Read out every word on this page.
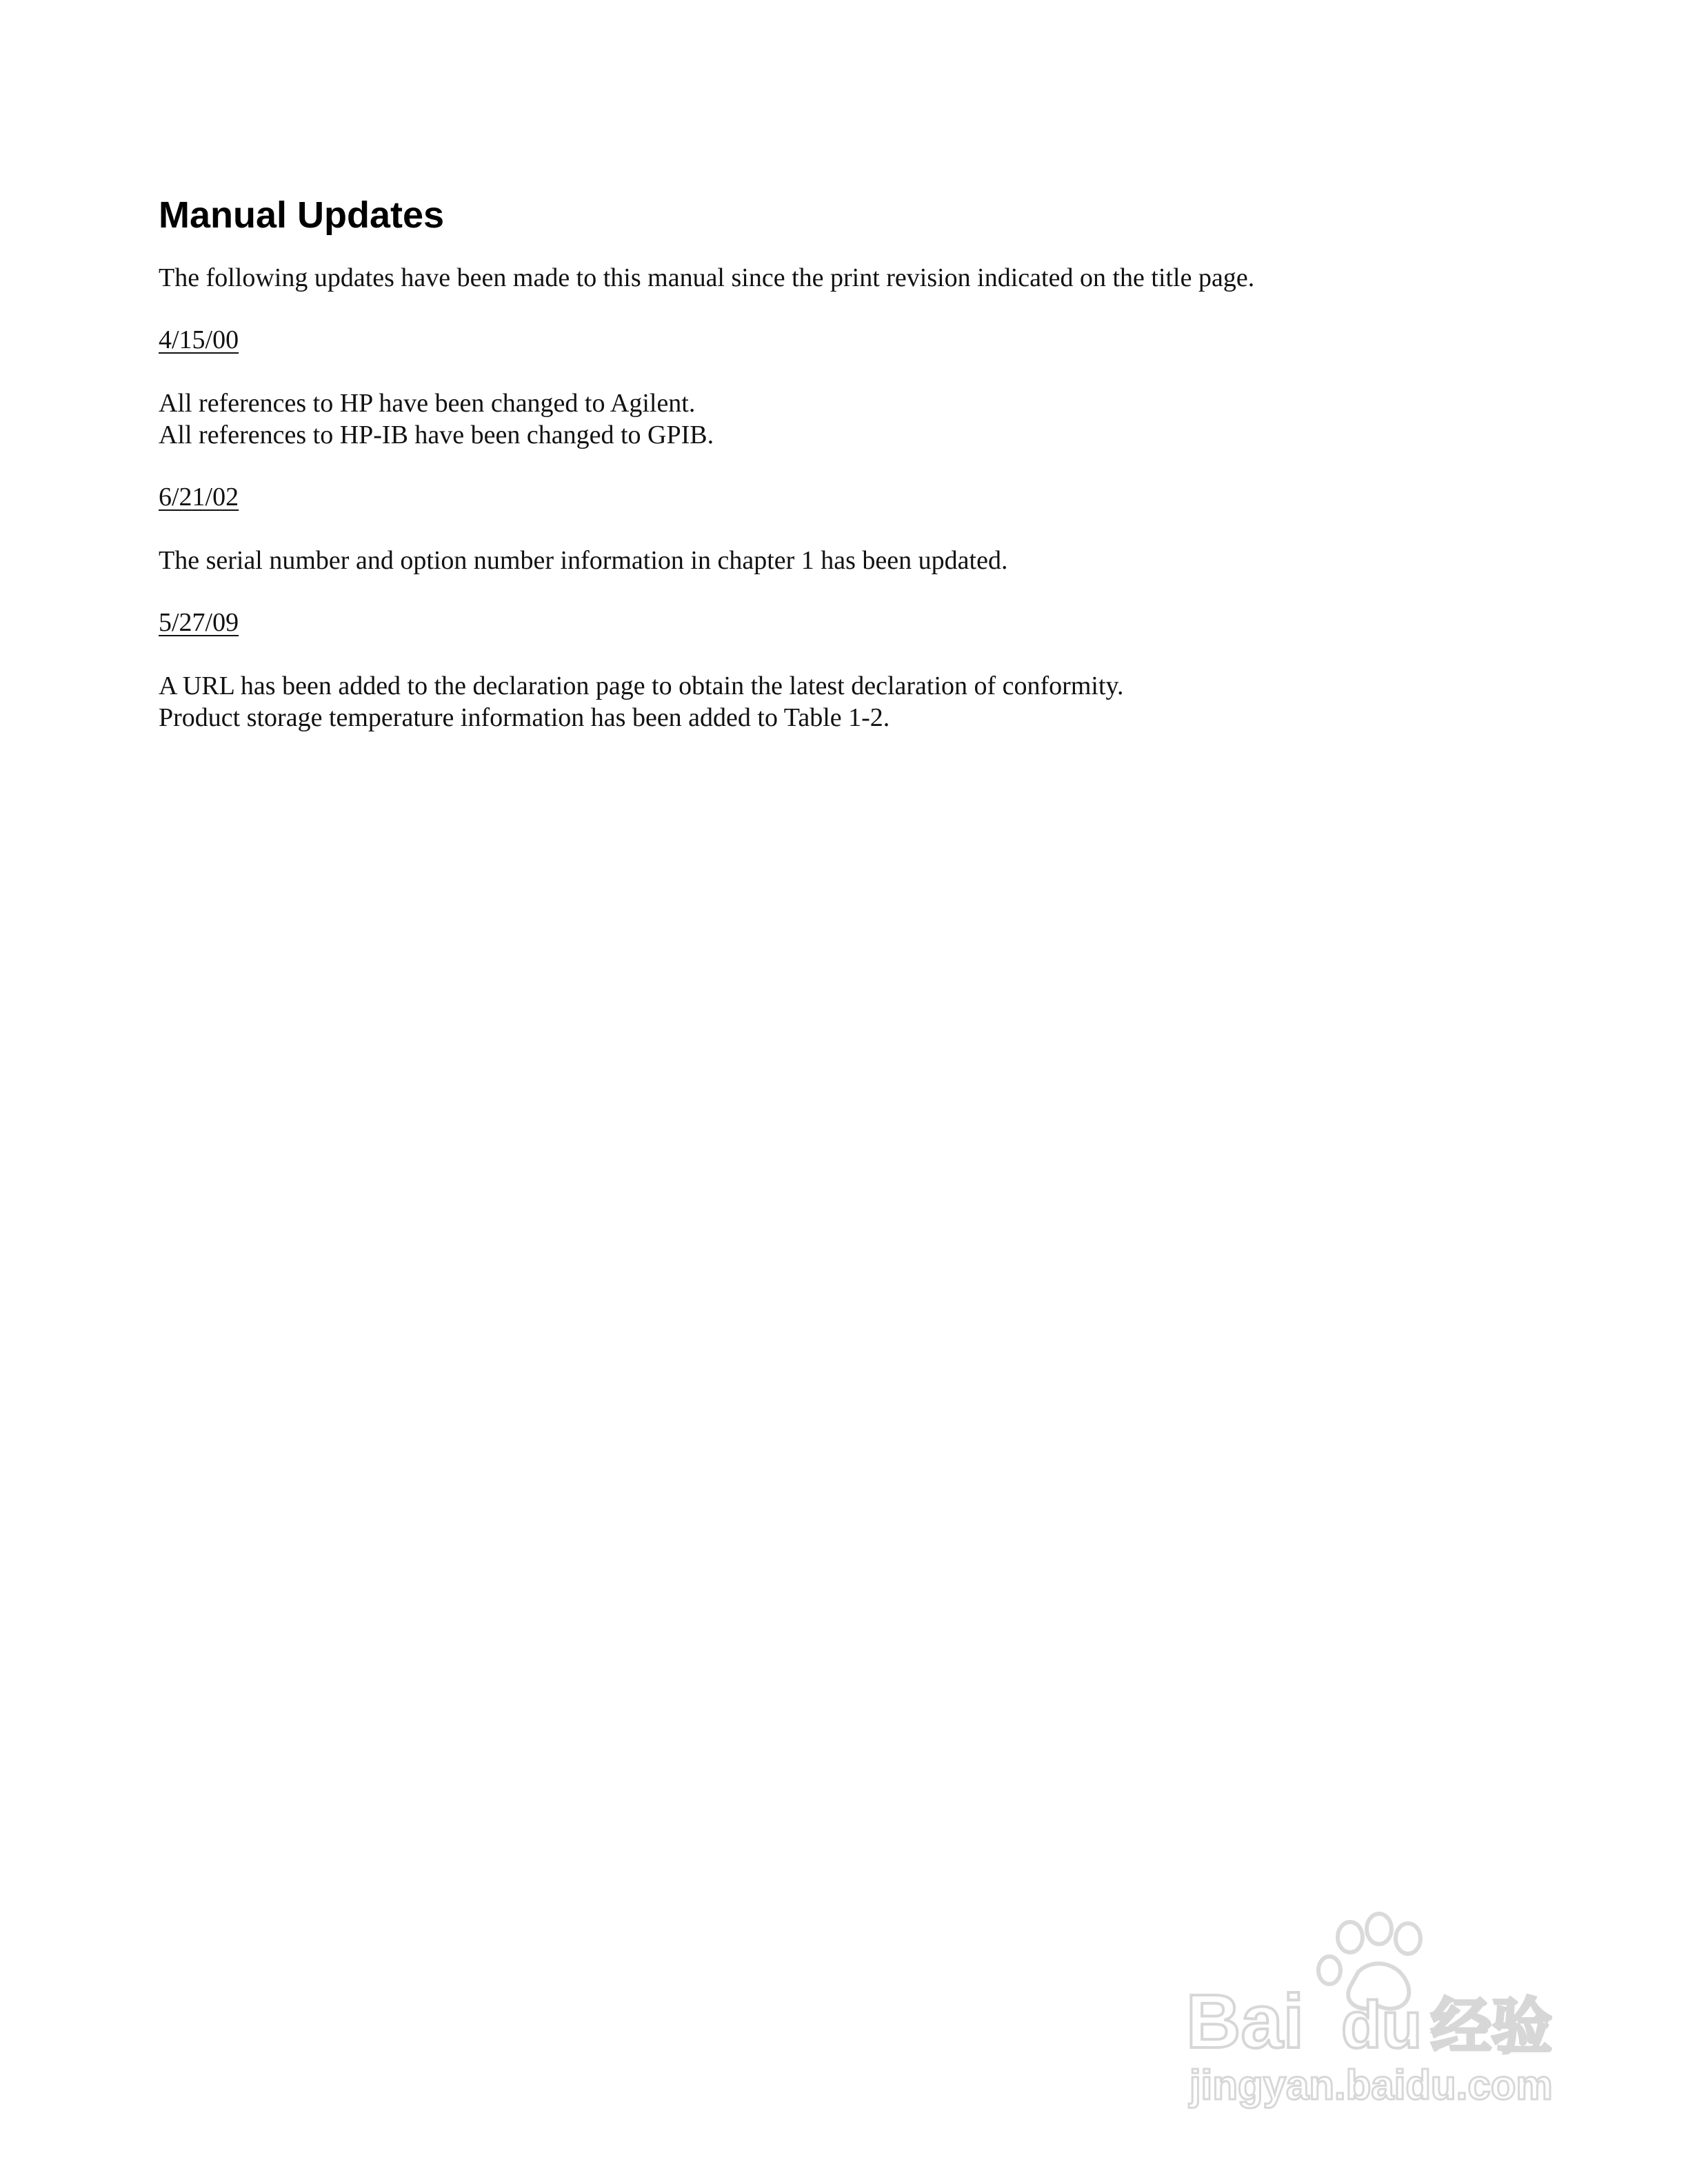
Manual Updates

The following updates have been made to this manual since the print revision indicated on the title page.

4/15/00
All references to HP have been changed to Agilent.
All references to HP-IB have been changed to GPIB.
6/21/02
The serial number and option number information in chapter 1 has been updated.
5/27/09
A URL has been added to the declaration page to obtain the latest declaration of conformity.
Product storage temperature information has been added to Table 1-2.
Bai du 经验
jingyan.baidu.com
